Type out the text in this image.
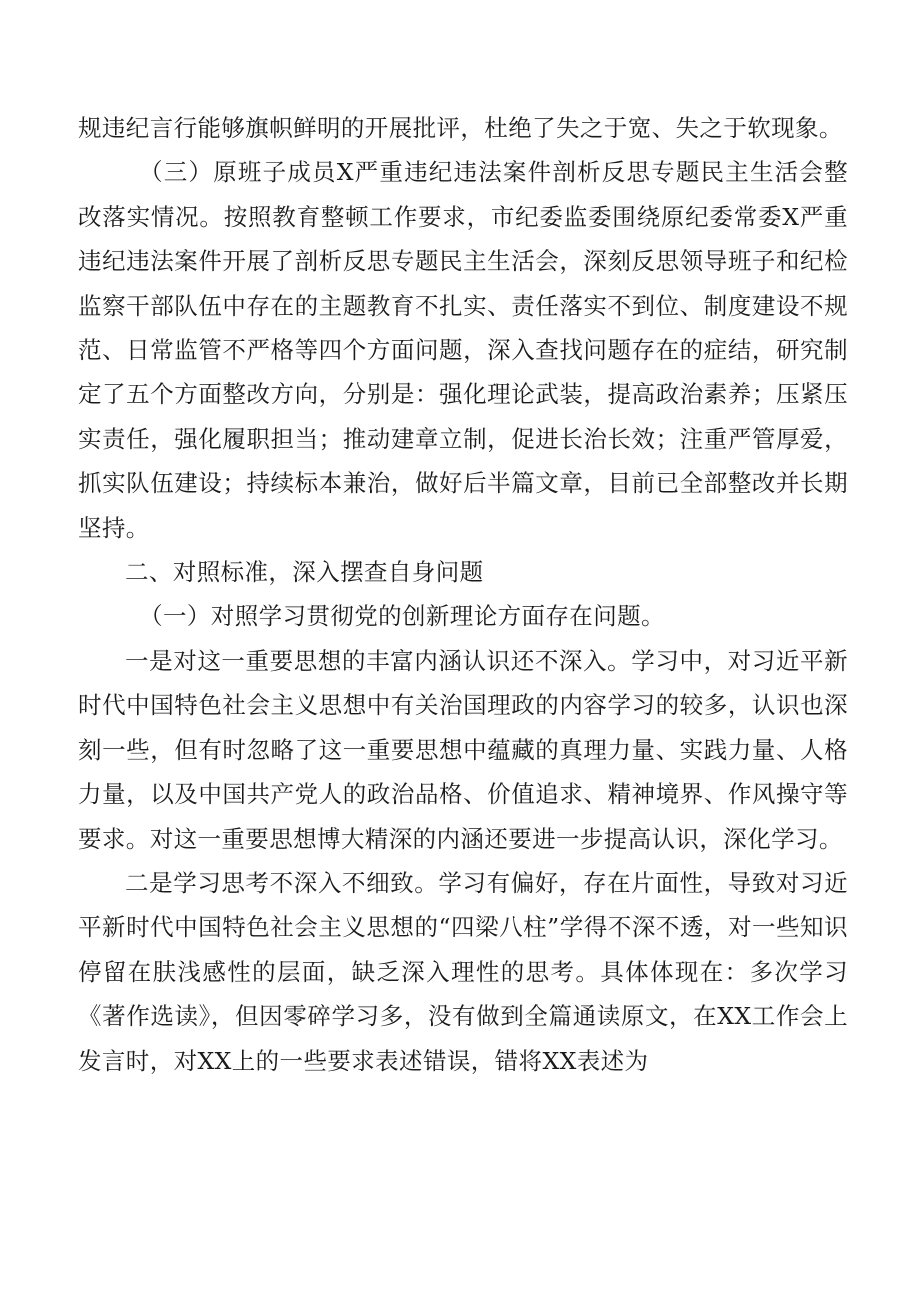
规违纪言行能够旗帜鲜明的开展批评，杜绝了失之于宽、失之于软现象。

（三）原班子成员X严重违纪违法案件剖析反思专题民主生活会整改落实情况。按照教育整顿工作要求，市纪委监委围绕原纪委常委X严重违纪违法案件开展了剖析反思专题民主生活会，深刻反思领导班子和纪检监察干部队伍中存在的主题教育不扎实、责任落实不到位、制度建设不规范、日常监管不严格等四个方面问题，深入查找问题存在的症结，研究制定了五个方面整改方向，分别是：强化理论武装，提高政治素养；压紧压实责任，强化履职担当；推动建章立制，促进长治长效；注重严管厚爱，抓实队伍建设；持续标本兼治，做好后半篇文章，目前已全部整改并长期坚持。

二、对照标准，深入摆查自身问题

（一）对照学习贯彻党的创新理论方面存在问题。

一是对这一重要思想的丰富内涵认识还不深入。学习中，对习近平新时代中国特色社会主义思想中有关治国理政的内容学习的较多，认识也深刻一些，但有时忽略了这一重要思想中蕴藏的真理力量、实践力量、人格力量，以及中国共产党人的政治品格、价值追求、精神境界、作风操守等要求。对这一重要思想博大精深的内涵还要进一步提高认识，深化学习。

二是学习思考不深入不细致。学习有偏好，存在片面性，导致对习近平新时代中国特色社会主义思想的“四梁八柱”学得不深不透，对一些知识停留在肤浅感性的层面，缺乏深入理性的思考。具体体现在：多次学习《著作选读》，但因零碎学习多，没有做到全篇通读原文，在XX工作会上发言时，对XX上的一些要求表述错误，错将XX表述为
